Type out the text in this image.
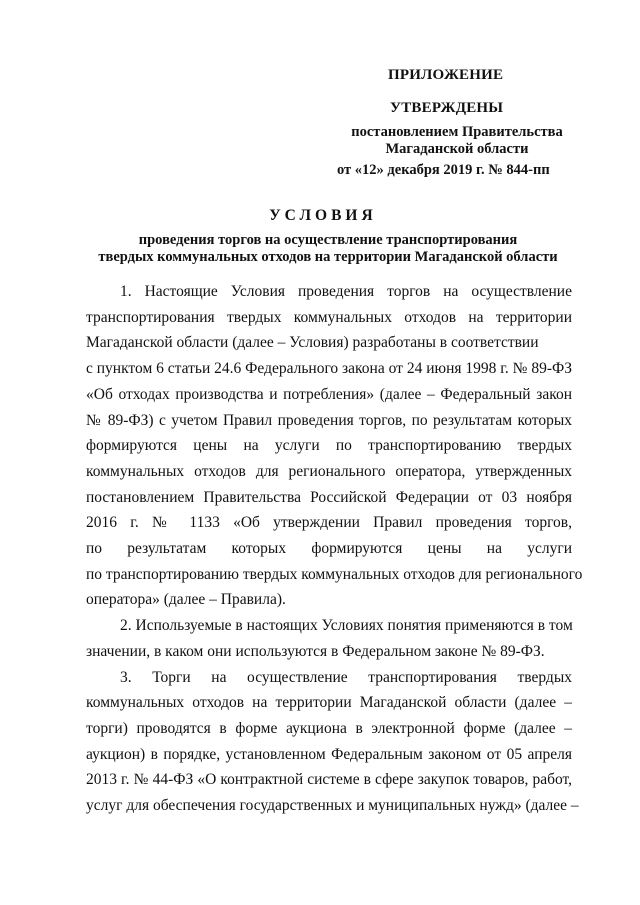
ПРИЛОЖЕНИЕ
УТВЕРЖДЕНЫ
постановлением Правительства
Магаданской области
от «12» декабря 2019 г. № 844-пп
УСЛОВИЯ
проведения торгов на осуществление транспортирования
твердых коммунальных отходов на территории Магаданской области
1. Настоящие Условия проведения торгов на осуществление
транспортирования твердых коммунальных отходов на территории
Магаданской области (далее – Условия) разработаны в соответствии
с пунктом 6 статьи 24.6 Федерального закона от 24 июня 1998 г. № 89-ФЗ
«Об отходах производства и потребления» (далее – Федеральный закон
№ 89-ФЗ) с учетом Правил проведения торгов, по результатам которых
формируются цены на услуги по транспортированию твердых
коммунальных отходов для регионального оператора, утвержденных
постановлением Правительства Российской Федерации от 03 ноября
2016 г. № 1133 «Об утверждении Правил проведения торгов,
по результатам которых формируются цены на услуги
по транспортированию твердых коммунальных отходов для регионального
оператора» (далее – Правила).
2. Используемые в настоящих Условиях понятия применяются в том
значении, в каком они используются в Федеральном законе № 89-ФЗ.
3. Торги на осуществление транспортирования твердых
коммунальных отходов на территории Магаданской области (далее –
торги) проводятся в форме аукциона в электронной форме (далее –
аукцион) в порядке, установленном Федеральным законом от 05 апреля
2013 г. № 44-ФЗ «О контрактной системе в сфере закупок товаров, работ,
услуг для обеспечения государственных и муниципальных нужд» (далее –
